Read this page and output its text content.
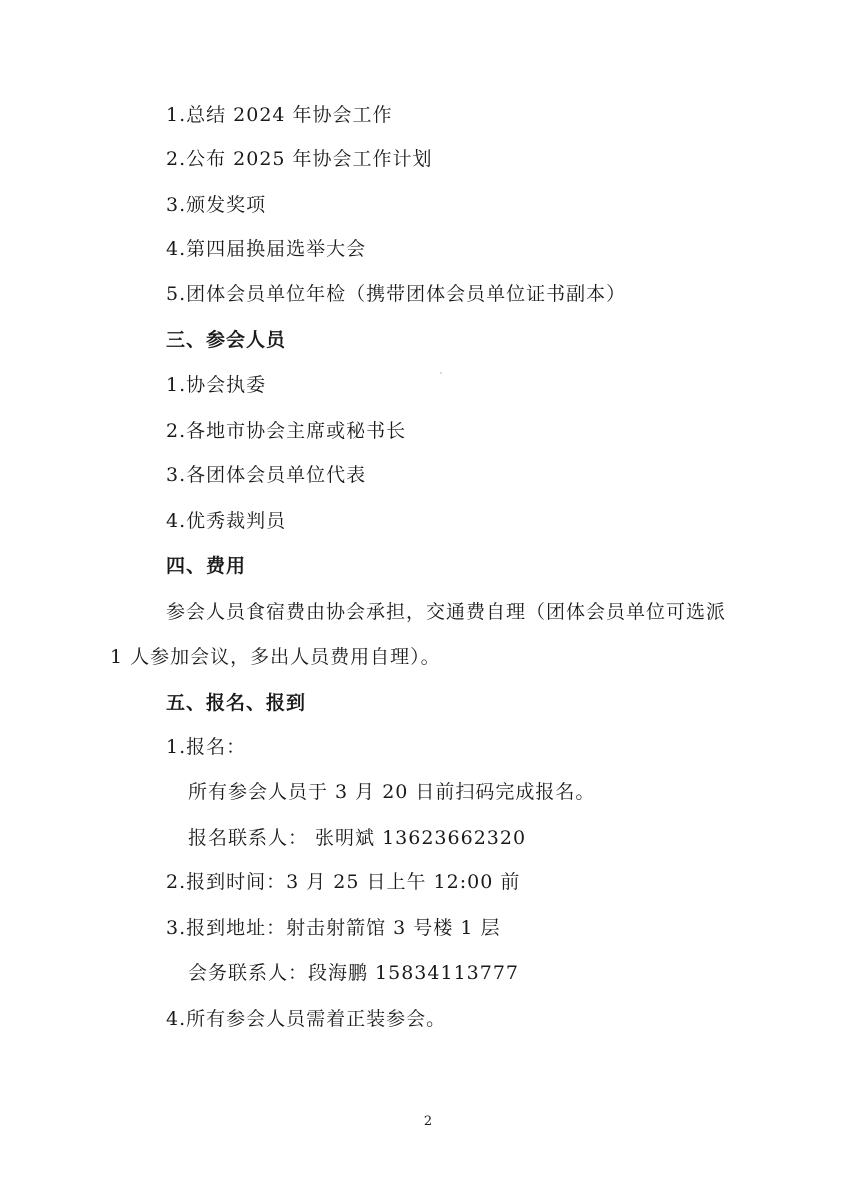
1.总结 2024 年协会工作
2.公布 2025 年协会工作计划
3.颁发奖项
4.第四届换届选举大会
5.团体会员单位年检（携带团体会员单位证书副本）
三、参会人员
1.协会执委
2.各地市协会主席或秘书长
3.各团体会员单位代表
4.优秀裁判员
四、费用
参会人员食宿费由协会承担，交通费自理（团体会员单位可选派
1 人参加会议，多出人员费用自理）。
五、报名、报到
1.报名：
所有参会人员于 3 月 20 日前扫码完成报名。
报名联系人： 张明斌 13623662320
2.报到时间：3 月 25 日上午 12:00 前
3.报到地址：射击射箭馆 3 号楼 1 层
会务联系人：段海鹏 15834113777
4.所有参会人员需着正装参会。
2
